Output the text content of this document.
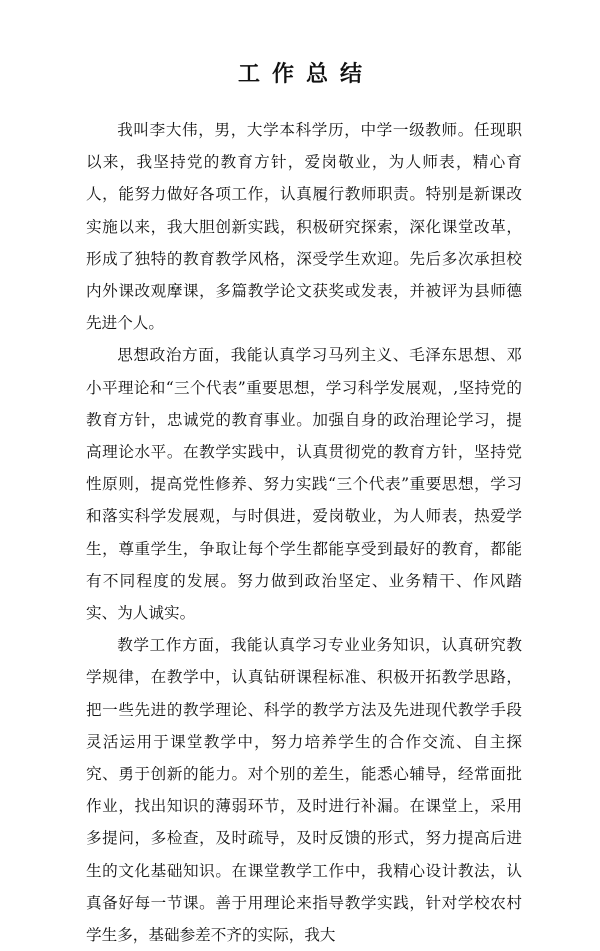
工作总结

我叫李大伟，男，大学本科学历，中学一级教师。任现职以来，我坚持党的教育方针，爱岗敬业，为人师表，精心育人，能努力做好各项工作，认真履行教师职责。特别是新课改实施以来，我大胆创新实践，积极研究探索，深化课堂改革，形成了独特的教育教学风格，深受学生欢迎。先后多次承担校内外课改观摩课，多篇教学论文获奖或发表，并被评为县师德先进个人。

思想政治方面，我能认真学习马列主义、毛泽东思想、邓小平理论和“三个代表”重要思想，学习科学发展观，,坚持党的教育方针，忠诚党的教育事业。加强自身的政治理论学习，提高理论水平。在教学实践中，认真贯彻党的教育方针，坚持党性原则，提高党性修养、努力实践“三个代表”重要思想，学习和落实科学发展观，与时俱进，爱岗敬业，为人师表，热爱学生，尊重学生，争取让每个学生都能享受到最好的教育，都能有不同程度的发展。努力做到政治坚定、业务精干、作风踏实、为人诚实。

教学工作方面，我能认真学习专业业务知识，认真研究教学规律，在教学中，认真钻研课程标准、积极开拓教学思路，把一些先进的教学理论、科学的教学方法及先进现代教学手段灵活运用于课堂教学中，努力培养学生的合作交流、自主探究、勇于创新的能力。对个别的差生，能悉心辅导，经常面批作业，找出知识的薄弱环节，及时进行补漏。在课堂上，采用多提问，多检查，及时疏导，及时反馈的形式，努力提高后进生的文化基础知识。在课堂教学工作中，我精心设计教法，认真备好每一节课。善于用理论来指导教学实践，针对学校农村学生多，基础参差不齐的实际，我大
